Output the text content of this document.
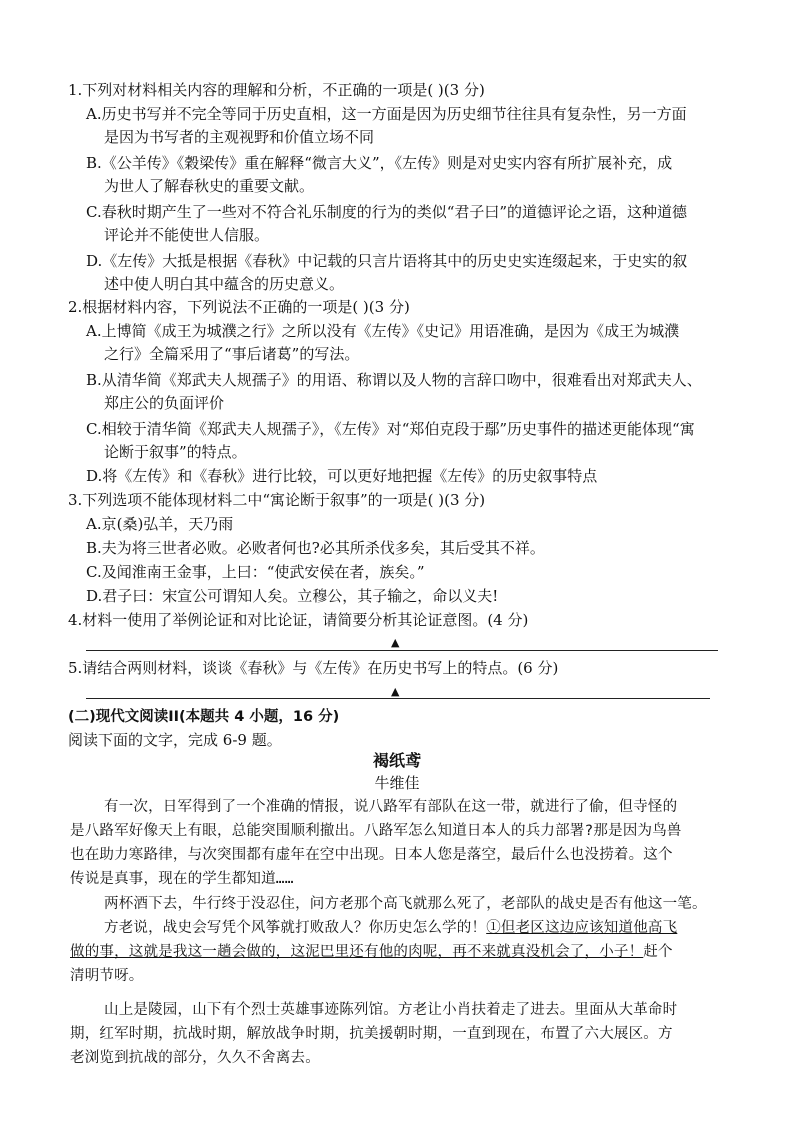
1.下列对材料相关内容的理解和分析，不正确的一项是( )(3 分)
A.历史书写并不完全等同于历史直相，这一方面是因为历史细节往往具有复杂性，另一方面
是因为书写者的主观视野和价值立场不同
B.《公羊传》《穀梁传》重在解释“微言大义”，《左传》则是对史实内容有所扩展补充，成
为世人了解春秋史的重要文献。
C.春秋时期产生了一些对不符合礼乐制度的行为的类似“君子曰”的道德评论之语，这种道德
评论并不能使世人信服。
D.《左传》大抵是根据《春秋》中记载的只言片语将其中的历史史实连缀起来，于史实的叙
述中使人明白其中蕴含的历史意义。
2.根据材料内容，下列说法不正确的一项是( )(3 分)
A.上博简《成王为城濮之行》之所以没有《左传》《史记》用语准确，是因为《成王为城濮
之行》全篇采用了“事后诸葛”的写法。
B.从清华简《郑武夫人规孺子》的用语、称谓以及人物的言辞口吻中，很难看出对郑武夫人、
郑庄公的负面评价
C.相较于清华简《郑武夫人规孺子》，《左传》对“郑伯克段于鄢”历史事件的描述更能体现“寓
论断于叙事”的特点。
D.将《左传》和《春秋》进行比较，可以更好地把握《左传》的历史叙事特点
3.下列选项不能体现材料二中“寓论断于叙事”的一项是( )(3 分)
A.京(桑)弘羊，天乃雨
B.夫为将三世者必败。必败者何也?必其所杀伐多矣，其后受其不祥。
C.及闻淮南王金事，上曰：“使武安侯在者，族矣。”
D.君子曰：宋宣公可谓知人矣。立穆公，其子输之，命以义夫!
4.材料一使用了举例论证和对比论证，请简要分析其论证意图。(4 分)
▲
5.请结合两则材料，谈谈《春秋》与《左传》在历史书写上的特点。(6 分)
▲
(二)现代文阅读II(本题共 4 小题，16 分)
阅读下面的文字，完成 6-9 题。
褐纸鸢
牛维佳
有一次，日军得到了一个准确的情报，说八路军有部队在这一带，就进行了偷，但寺怪的
是八路军好像天上有眼，总能突围顺利撤出。八路军怎么知道日本人的兵力部署?那是因为鸟兽
也在助力寒路律，与次突围都有虚年在空中出现。日本人您是落空，最后什么也没捞着。这个
传说是真事，现在的学生都知道……
两杯酒下去，牛行终于没忍住，问方老那个高飞就那么死了，老部队的战史是否有他这一笔。
方老说，战史会写凭个风筝就打败敌人？你历史怎么学的！①但老区这边应该知道他高飞
做的事，这就是我这一趟会做的，这泥巴里还有他的肉呢，再不来就真没机会了，小子！赶个
清明节呀。
山上是陵园，山下有个烈士英雄事迹陈列馆。方老让小肖扶着走了进去。里面从大革命时
期，红军时期，抗战时期，解放战争时期，抗美援朝时期，一直到现在，布置了六大展区。方
老浏览到抗战的部分，久久不舍离去。
